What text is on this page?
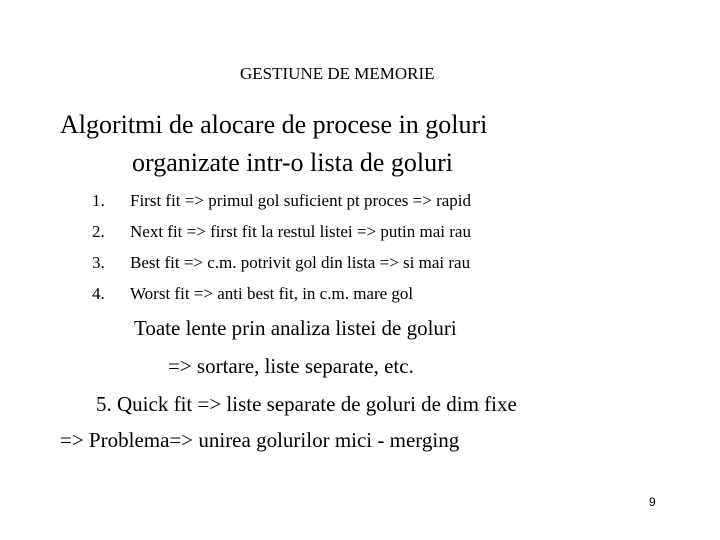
GESTIUNE DE MEMORIE
Algoritmi de alocare de procese in goluri
organizate intr-o lista de goluri
1. First fit => primul gol suficient pt proces => rapid
2. Next fit => first fit la restul listei => putin mai rau
3. Best fit => c.m. potrivit gol din lista => si mai rau
4. Worst fit => anti best fit, in c.m. mare gol
Toate lente prin analiza listei de goluri
=> sortare, liste separate, etc.
5. Quick fit => liste separate de goluri de dim fixe
=> Problema=> unirea golurilor mici - merging
9
